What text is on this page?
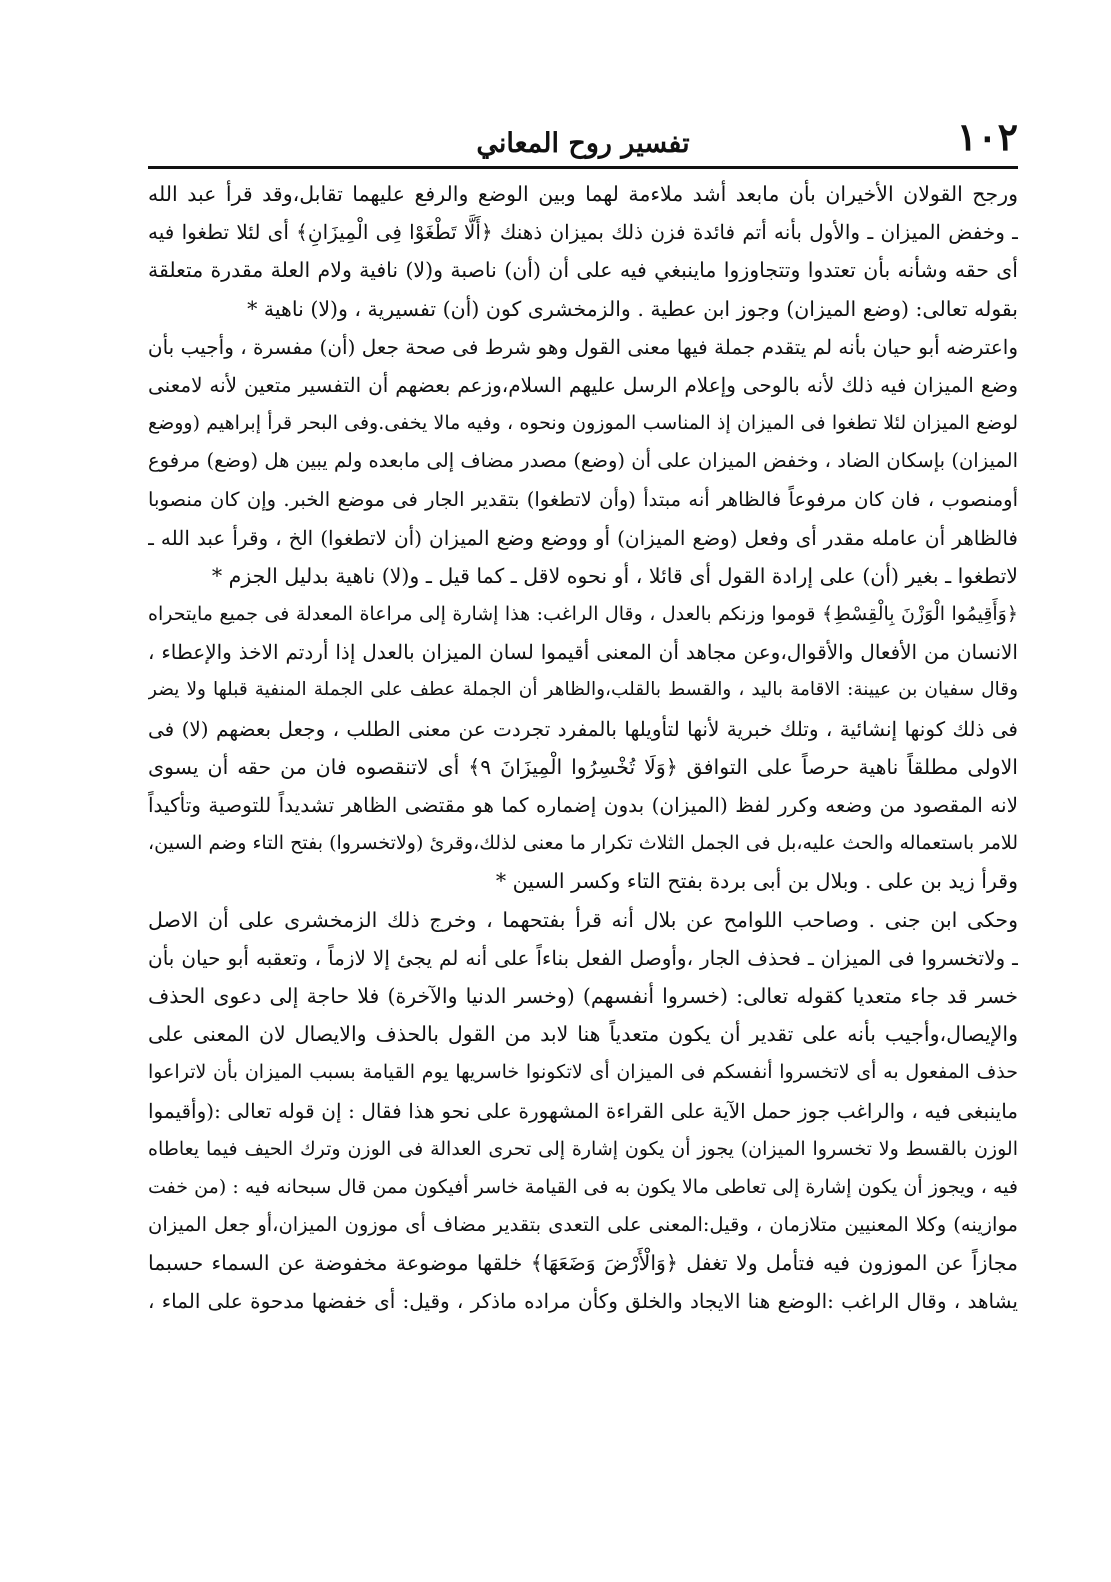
١٠٢
تفسير روح المعاني
ورجح القولان الأخيران بأن مابعد أشد ملاءمة لهما وبين الوضع والرفع عليهما تقابل،وقد قرأ عبد الله
ـ وخفض الميزان ـ والأول بأنه أتم فائدة فزن ذلك بميزان ذهنك ﴿أَلَّا تَطْغَوْا فِى الْمِيزَانِ﴾ أى لئلا تطغوا فيه
أى حقه وشأنه بأن تعتدوا وتتجاوزوا ماينبغي فيه على أن (أن) ناصبة و(لا) نافية ولام العلة مقدرة متعلقة
بقوله تعالى: (وضع الميزان) وجوز ابن عطية . والزمخشرى كون (أن) تفسيرية ، و(لا) ناهية *
واعترضه أبو حيان بأنه لم يتقدم جملة فيها معنى القول وهو شرط فى صحة جعل (أن) مفسرة ، وأجيب بأن
وضع الميزان فيه ذلك لأنه بالوحى وإعلام الرسل عليهم السلام،وزعم بعضهم أن التفسير متعين لأنه لامعنى
لوضع الميزان لئلا تطغوا فى الميزان إذ المناسب الموزون ونحوه ، وفيه مالا يخفى.وفى البحر قرأ إبراهيم (ووضع
الميزان) بإسكان الضاد ، وخفض الميزان على أن (وضع) مصدر مضاف إلى مابعده ولم يبين هل (وضع) مرفوع
أومنصوب ، فان كان مرفوعاً فالظاهر أنه مبتدأ (وأن لاتطغوا) بتقدير الجار فى موضع الخبر. وإن كان منصوبا
فالظاهر أن عامله مقدر أى وفعل (وضع الميزان) أو ووضع وضع الميزان (أن لاتطغوا) الخ ، وقرأ عبد الله ـ
لاتطغوا ـ بغير (أن) على إرادة القول أى قائلا ، أو نحوه لاقل ـ كما قيل ـ و(لا) ناهية بدليل الجزم *
﴿وَأَقِيمُوا الْوَزْنَ بِالْقِسْطِ﴾ قوموا وزنكم بالعدل ، وقال الراغب: هذا إشارة إلى مراعاة المعدلة فى جميع مايتحراه
الانسان من الأفعال والأقوال،وعن مجاهد أن المعنى أقيموا لسان الميزان بالعدل إذا أردتم الاخذ والإعطاء ،
وقال سفيان بن عيينة: الاقامة باليد ، والقسط بالقلب،والظاهر أن الجملة عطف على الجملة المنفية قبلها ولا يضر
فى ذلك كونها إنشائية ، وتلك خبرية لأنها لتأويلها بالمفرد تجردت عن معنى الطلب ، وجعل بعضهم (لا) فى
الاولى مطلقاً ناهية حرصاً على التوافق ﴿وَلَا تُخْسِرُوا الْمِيزَانَ ٩﴾ أى لاتنقصوه فان من حقه أن يسوى
لانه المقصود من وضعه وكرر لفظ (الميزان) بدون إضماره كما هو مقتضى الظاهر تشديداً للتوصية وتأكيداً
للامر باستعماله والحث عليه،بل فى الجمل الثلاث تكرار ما معنى لذلك،وقرئ (ولاتخسروا) بفتح التاء وضم السين،
وقرأ زيد بن على . وبلال بن أبى بردة بفتح التاء وكسر السين *
وحكى ابن جنى . وصاحب اللوامح عن بلال أنه قرأ بفتحهما ، وخرج ذلك الزمخشرى على أن الاصل
ـ ولاتخسروا فى الميزان ـ فحذف الجار ،وأوصل الفعل بناءاً على أنه لم يجئ إلا لازماً ، وتعقبه أبو حيان بأن
خسر قد جاء متعديا كقوله تعالى: (خسروا أنفسهم) (وخسر الدنيا والآخرة) فلا حاجة إلى دعوى الحذف
والإيصال،وأجيب بأنه على تقدير أن يكون متعدياً هنا لابد من القول بالحذف والايصال لان المعنى على
حذف المفعول به أى لاتخسروا أنفسكم فى الميزان أى لاتكونوا خاسريها يوم القيامة بسبب الميزان بأن لاتراعوا
ماينبغى فيه ، والراغب جوز حمل الآية على القراءة المشهورة على نحو هذا فقال : إن قوله تعالى :(وأقيموا
الوزن بالقسط ولا تخسروا الميزان) يجوز أن يكون إشارة إلى تحرى العدالة فى الوزن وترك الحيف فيما يعاطاه
فيه ، ويجوز أن يكون إشارة إلى تعاطى مالا يكون به فى القيامة خاسر أفيكون ممن قال سبحانه فيه : (من خفت
موازينه) وكلا المعنيين متلازمان ، وقيل:المعنى على التعدى بتقدير مضاف أى موزون الميزان،أو جعل الميزان
مجازاً عن الموزون فيه فتأمل ولا تغفل ﴿وَالْأَرْضَ وَضَعَهَا﴾ خلقها موضوعة مخفوضة عن السماء حسبما
يشاهد ، وقال الراغب :الوضع هنا الايجاد والخلق وكأن مراده ماذكر ، وقيل: أى خفضها مدحوة على الماء ،
